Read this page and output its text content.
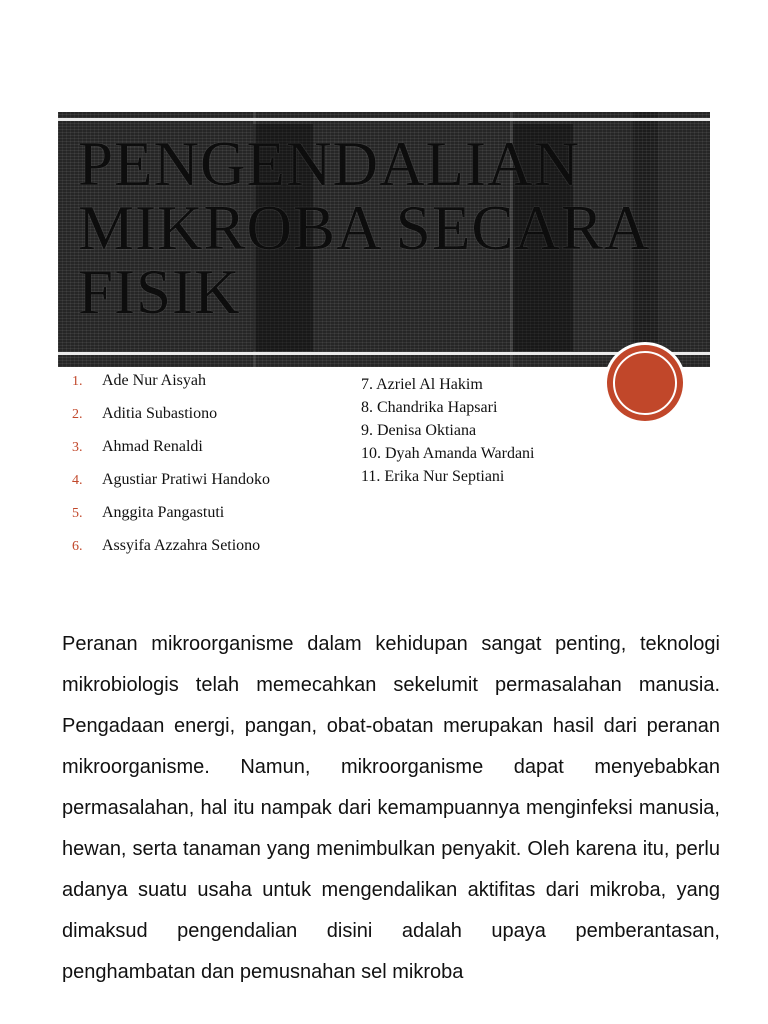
PENGENDALIAN
MIKROBA SECARA
FISIK
1.	Ade Nur Aisyah
2.	Aditia Subastiono
3.	Ahmad Renaldi
4.	Agustiar Pratiwi Handoko
5.	Anggita Pangastuti
6.	Assyifa Azzahra Setiono
7. Azriel Al Hakim
8. Chandrika Hapsari
9. Denisa Oktiana
10. Dyah Amanda Wardani
11. Erika Nur Septiani

Peranan mikroorganisme dalam kehidupan sangat penting, teknologi mikrobiologis telah memecahkan sekelumit permasalahan manusia. Pengadaan energi, pangan, obat-obatan merupakan hasil dari peranan mikroorganisme. Namun, mikroorganisme dapat menyebabkan permasalahan, hal itu nampak dari kemampuannya menginfeksi manusia, hewan, serta tanaman yang menimbulkan penyakit. Oleh karena itu, perlu adanya suatu usaha untuk mengendalikan aktifitas dari mikroba, yang dimaksud pengendalian disini adalah upaya pemberantasan, penghambatan dan pemusnahan sel mikroba
